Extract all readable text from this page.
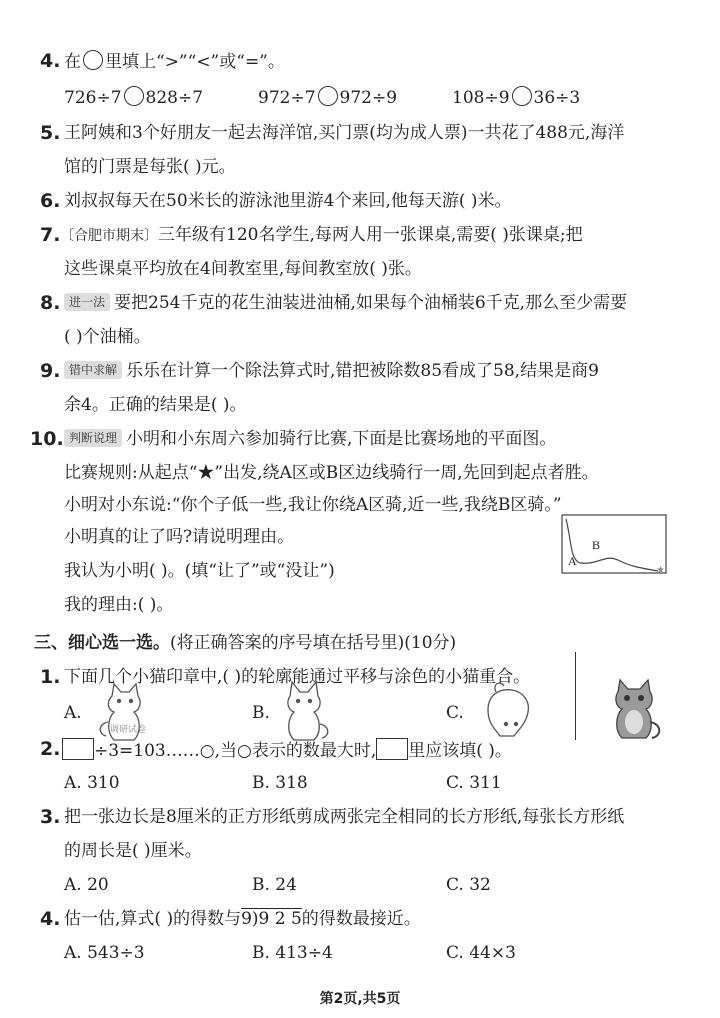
4. 在 里填上“>”“<”或“=”。
726÷7 828÷7	972÷7 972÷9	108÷9 36÷3
5. 王阿姨和3个好朋友一起去海洋馆,买门票(均为成人票)一共花了488元,海洋
馆的门票是每张( )元。
6. 刘叔叔每天在50米长的游泳池里游4个来回,他每天游( )米。
7. 〔合肥市期末〕三年级有120名学生,每两人用一张课桌,需要( )张课桌;把
这些课桌平均放在4间教室里,每间教室放( )张。
8. 进一法 要把254千克的花生油装进油桶,如果每个油桶装6千克,那么至少需要
( )个油桶。
9. 错中求解 乐乐在计算一个除法算式时,错把被除数85看成了58,结果是商9
余4。正确的结果是( )。
10. 判断说理 小明和小东周六参加骑行比赛,下面是比赛场地的平面图。
比赛规则:从起点“★”出发,绕A区或B区边线骑行一周,先回到起点者胜。
小明对小东说:“你个子低一些,我让你绕A区骑,近一些,我绕B区骑。”
小明真的让了吗?请说明理由。
我认为小明( )。(填“让了”或“没让”)
我的理由:( )。
A
B
★
三、细心选一选。(将正确答案的序号填在括号里)(10分)
1. 下面几个小猫印章中,( )的轮廓能通过平移与涂色的小猫重合。
A.	B.	C.
调研试卷
2.	÷3=103……○,当○表示的数最大时, 里应该填( )。
A. 310	B. 318	C. 311
3. 把一张边长是8厘米的正方形纸剪成两张完全相同的长方形纸,每张长方形纸
的周长是( )厘米。
A. 20	B. 24	C. 32
4. 估一估,算式( )的得数与9)9 2 5的得数最接近。
A. 543÷3	B. 413÷4	C. 44×3
第2页,共5页
